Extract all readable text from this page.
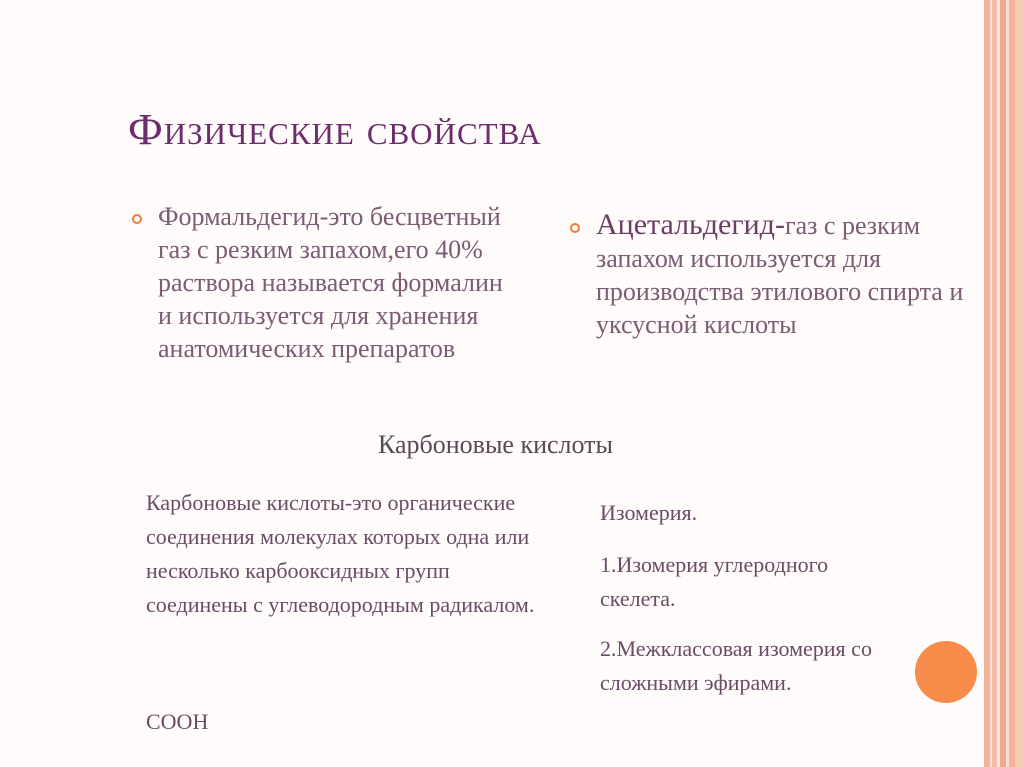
Физические свойства
Формальдегид-это бесцветный газ с резким запахом,его 40% раствора называется формалин и используется для хранения анатомических препаратов
Ацетальдегид-газ с резким запахом используется для производства этилового спирта и уксусной кислоты
Карбоновые кислоты
Карбоновые кислоты-это органические соединения молекулах которых одна или несколько карбооксидных групп соединены с углеводородным радикалом.
COOH
Изомерия.
1.Изомерия углеродного скелета.
2.Межклассовая изомерия со сложными эфирами.
